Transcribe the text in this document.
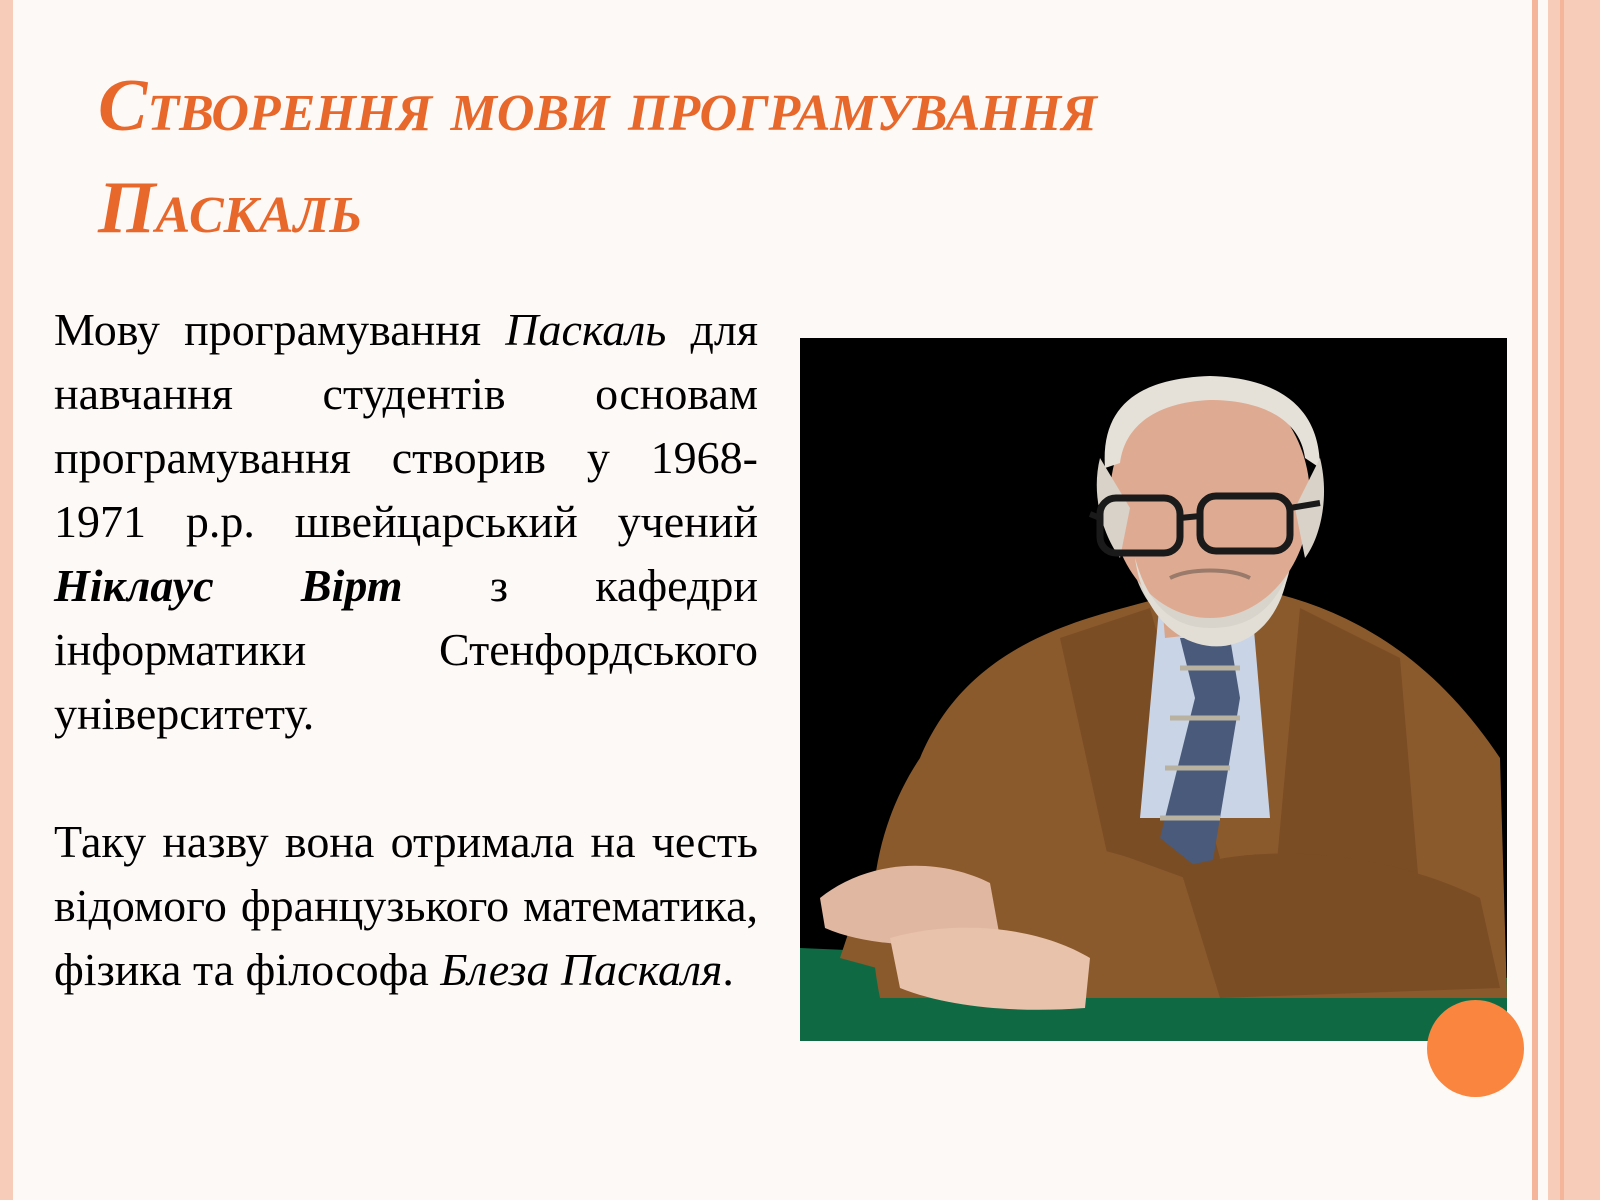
Створення мови програмування
Паскаль

Мову програмування Паскаль для навчання студентів основам програмування створив у 1968-1971 р.р. швейцарський учений Ніклаус Вірт з кафедри інформатики Стенфордського університету.

Таку назву вона отримала на честь відомого французького математика, фізика та філософа Блеза Паскаля.
